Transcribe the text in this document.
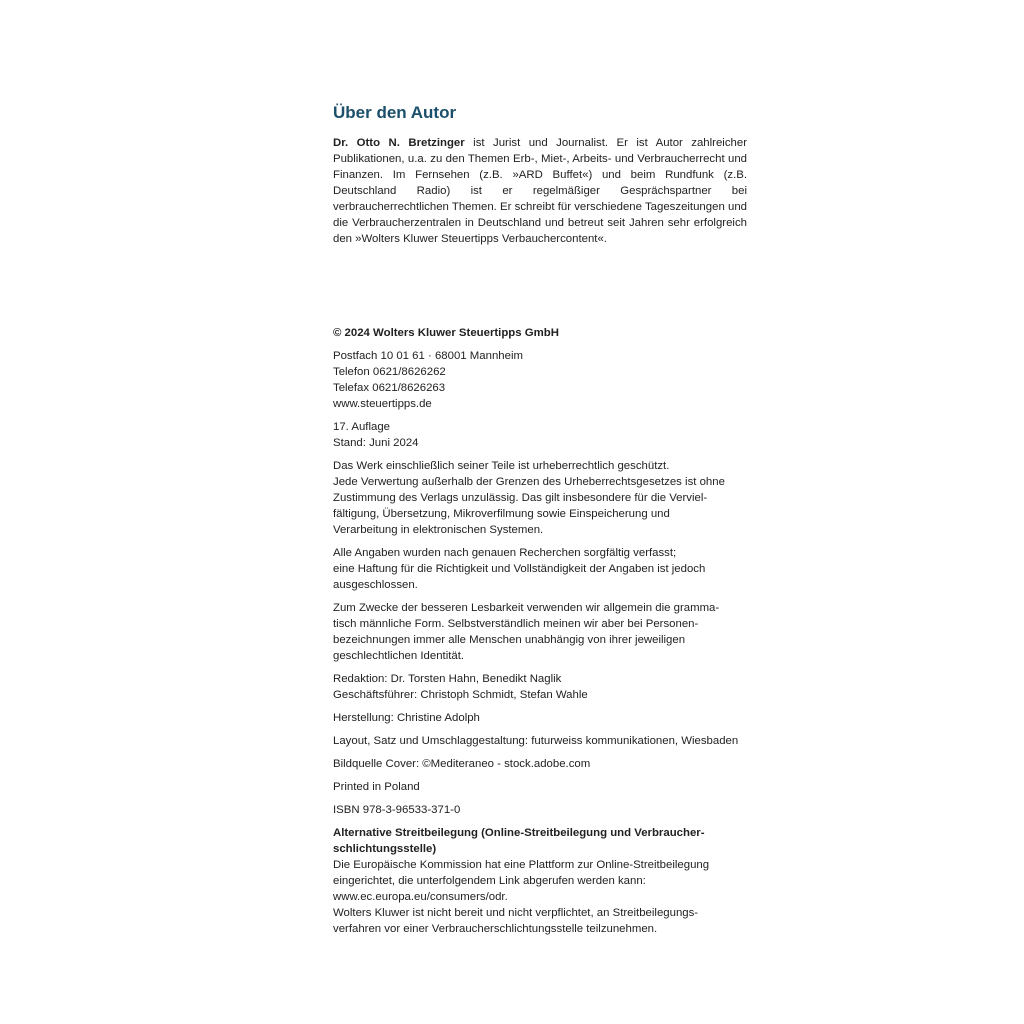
Über den Autor

Dr. Otto N. Bretzinger ist Jurist und Journalist. Er ist Autor zahlreicher Publikationen, u.a. zu den Themen Erb-, Miet-, Arbeits- und Verbraucherrecht und Finanzen. Im Fernsehen (z.B. »ARD Buffet«) und beim Rundfunk (z.B. Deutschland Radio) ist er regelmäßiger Gesprächspartner bei verbraucherrechtlichen Themen. Er schreibt für verschiedene Tageszeitungen und die Verbraucherzentralen in Deutschland und betreut seit Jahren sehr erfolgreich den »Wolters Kluwer Steuertipps Verbauchercontent«.

© 2024 Wolters Kluwer Steuertipps GmbH

Postfach 10 01 61 · 68001 Mannheim
Telefon 0621/8626262
Telefax 0621/8626263
www.steuertipps.de

17. Auflage
Stand: Juni 2024

Das Werk einschließlich seiner Teile ist urheberrechtlich geschützt.
Jede Verwertung außerhalb der Grenzen des Urheberrechtsgesetzes ist ohne
Zustimmung des Verlags unzulässig. Das gilt insbesondere für die Verviel-
fältigung, Übersetzung, Mikroverfilmung sowie Einspeicherung und
Verarbeitung in elektronischen Systemen.

Alle Angaben wurden nach genauen Recherchen sorgfältig verfasst;
eine Haftung für die Richtigkeit und Vollständigkeit der Angaben ist jedoch
ausgeschlossen.

Zum Zwecke der besseren Lesbarkeit verwenden wir allgemein die gramma-
tisch männliche Form. Selbstverständlich meinen wir aber bei Personen-
bezeichnungen immer alle Menschen unabhängig von ihrer jeweiligen
geschlechtlichen Identität.

Redaktion: Dr. Torsten Hahn, Benedikt Naglik
Geschäftsführer: Christoph Schmidt, Stefan Wahle

Herstellung: Christine Adolph

Layout, Satz und Umschlaggestaltung: futurweiss kommunikationen, Wiesbaden

Bildquelle Cover: ©Mediteraneo - stock.adobe.com

Printed in Poland

ISBN 978-3-96533-371-0

Alternative Streitbeilegung (Online-Streitbeilegung und Verbraucher-
schlichtungsstelle)
Die Europäische Kommission hat eine Plattform zur Online-Streitbeilegung
eingerichtet, die unterfolgendem Link abgerufen werden kann:
www.ec.europa.eu/consumers/odr.
Wolters Kluwer ist nicht bereit und nicht verpflichtet, an Streitbeilegungs-
verfahren vor einer Verbraucherschlichtungsstelle teilzunehmen.
